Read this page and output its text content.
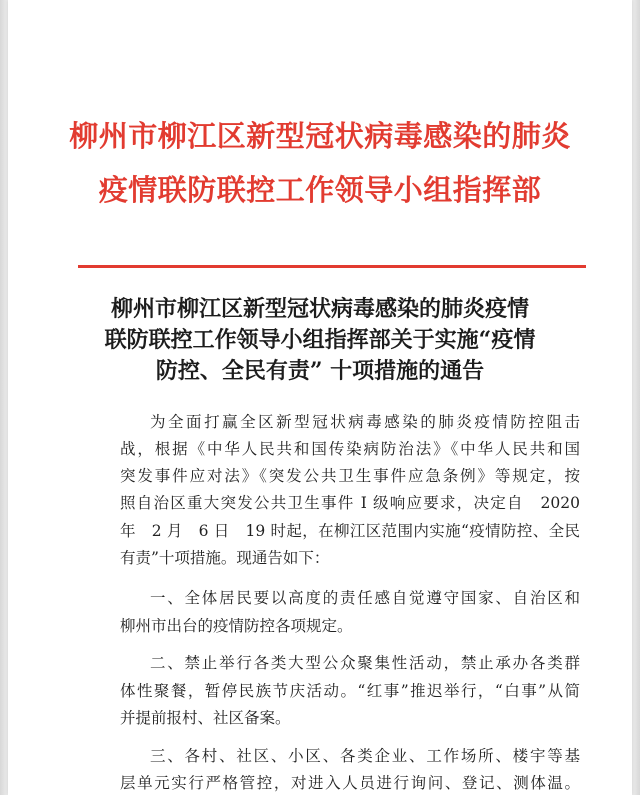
柳州市柳江区新型冠状病毒感染的肺炎
疫情联防联控工作领导小组指挥部
柳州市柳江区新型冠状病毒感染的肺炎疫情
联防联控工作领导小组指挥部关于实施“疫情
防控、全民有责” 十项措施的通告
为全面打赢全区新型冠状病毒感染的肺炎疫情防控阻击
战，根据《中华人民共和国传染病防治法》《中华人民共和国
突发事件应对法》《突发公共卫生事件应急条例》等规定，按
照自治区重大突发公共卫生事件 I 级响应要求，决定自　2020
年　2 月　6 日　19 时起，在柳江区范围内实施“疫情防控、全民
有责”十项措施。现通告如下：
一、全体居民要以高度的责任感自觉遵守国家、自治区和
柳州市出台的疫情防控各项规定。
二、禁止举行各类大型公众聚集性活动，禁止承办各类群
体性聚餐，暂停民族节庆活动。“红事”推迟举行，“白事”从简
并提前报村、社区备案。
三、各村、社区、小区、各类企业、工作场所、楼宇等基
层单元实行严格管控，对进入人员进行询问、登记、测体温。
